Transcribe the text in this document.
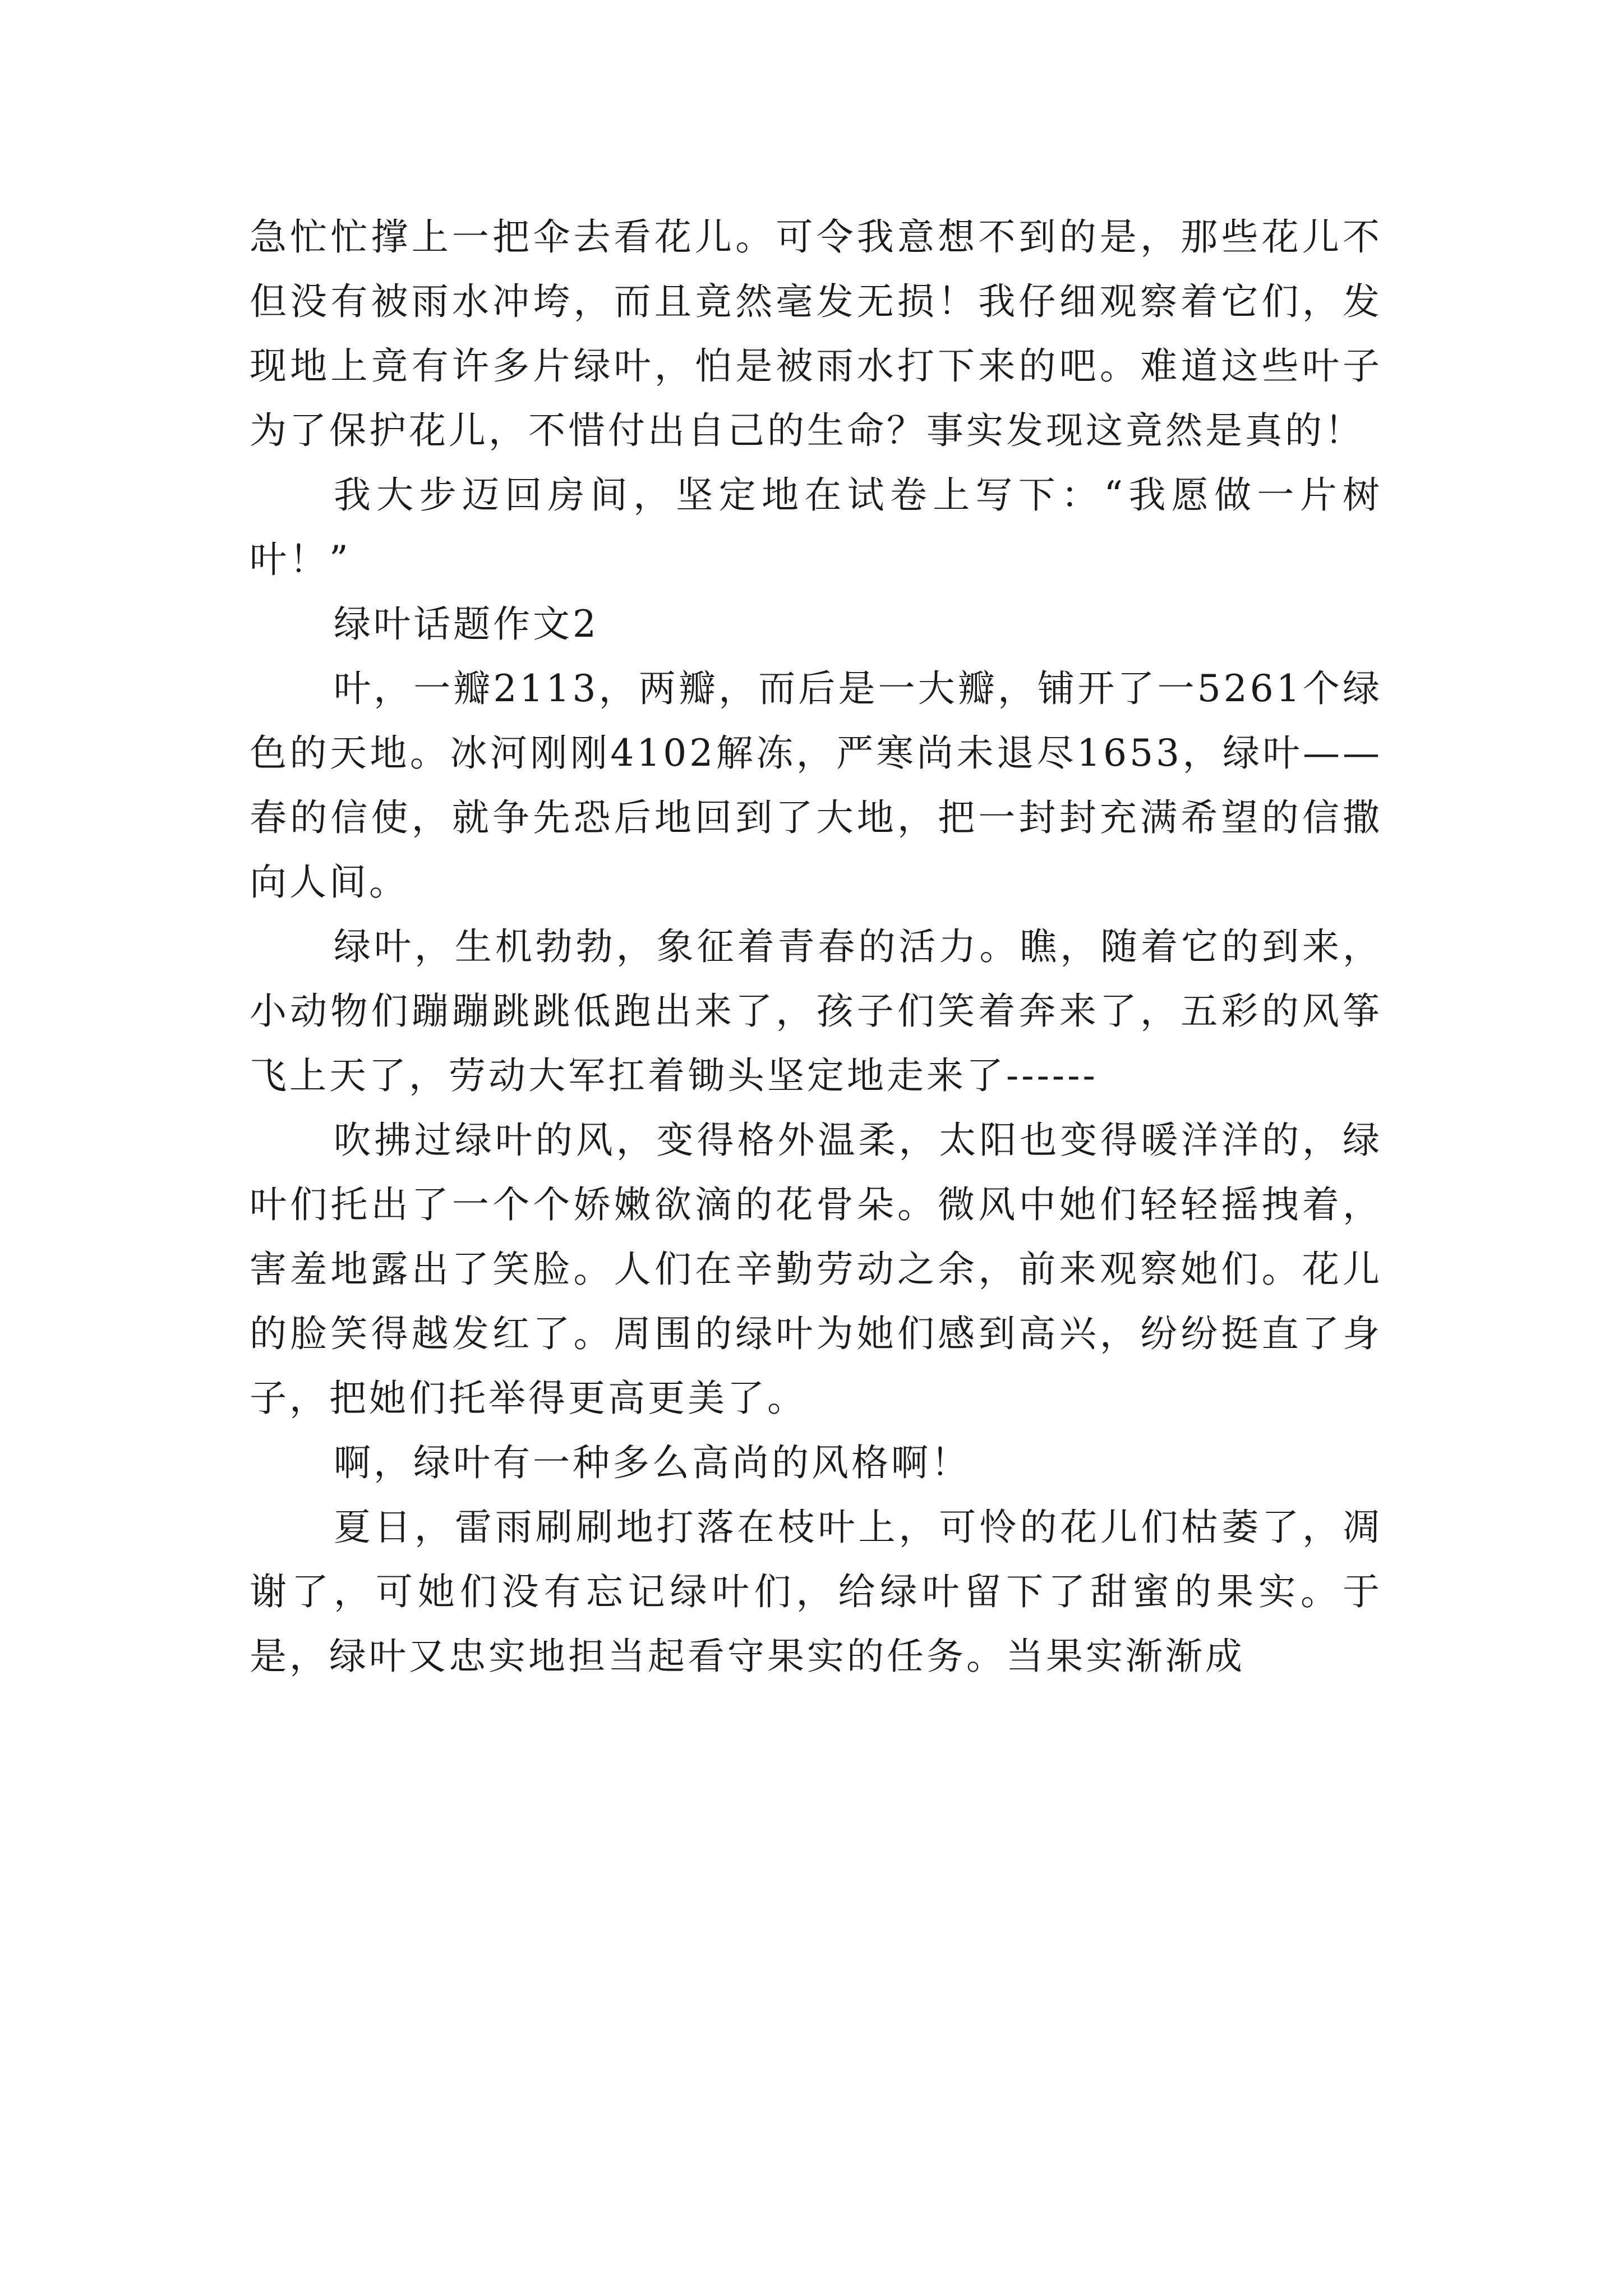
急忙忙撑上一把伞去看花儿。可令我意想不到的是，那些花儿不但没有被雨水冲垮，而且竟然毫发无损！我仔细观察着它们，发现地上竟有许多片绿叶，怕是被雨水打下来的吧。难道这些叶子为了保护花儿，不惜付出自己的生命？事实发现这竟然是真的！

我大步迈回房间，坚定地在试卷上写下：“我愿做一片树叶！”

绿叶话题作文2

叶，一瓣2113，两瓣，而后是一大瓣，铺开了一5261个绿色的天地。冰河刚刚4102解冻，严寒尚未退尽1653，绿叶——春的信使，就争先恐后地回到了大地，把一封封充满希望的信撒向人间。

绿叶，生机勃勃，象征着青春的活力。瞧，随着它的到来，小动物们蹦蹦跳跳低跑出来了，孩子们笑着奔来了，五彩的风筝飞上天了，劳动大军扛着锄头坚定地走来了------

吹拂过绿叶的风，变得格外温柔，太阳也变得暖洋洋的，绿叶们托出了一个个娇嫩欲滴的花骨朵。微风中她们轻轻摇拽着，害羞地露出了笑脸。人们在辛勤劳动之余，前来观察她们。花儿的脸笑得越发红了。周围的绿叶为她们感到高兴，纷纷挺直了身子，把她们托举得更高更美了。

啊，绿叶有一种多么高尚的风格啊！

夏日，雷雨刷刷地打落在枝叶上，可怜的花儿们枯萎了，凋谢了，可她们没有忘记绿叶们，给绿叶留下了甜蜜的果实。于是，绿叶又忠实地担当起看守果实的任务。当果实渐渐成
